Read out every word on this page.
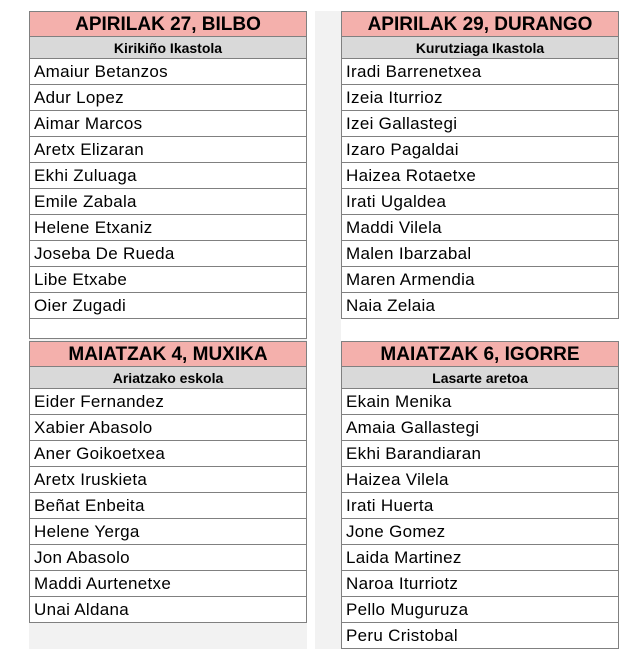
APIRILAK 27, BILBO
Kirikiño Ikastola
Amaiur Betanzos
Adur Lopez
Aimar Marcos
Aretx Elizaran
Ekhi Zuluaga
Emile Zabala
Helene Etxaniz
Joseba De Rueda
Libe Etxabe
Oier Zugadi
APIRILAK 29, DURANGO
Kurutziaga Ikastola
Iradi Barrenetxea
Izeia Iturrioz
Izei Gallastegi
Izaro Pagaldai
Haizea Rotaetxe
Irati Ugaldea
Maddi Vilela
Malen Ibarzabal
Maren Armendia
Naia Zelaia
MAIATZAK 4, MUXIKA
Ariatzako eskola
Eider Fernandez
Xabier Abasolo
Aner Goikoetxea
Aretx Iruskieta
Beñat Enbeita
Helene Yerga
Jon Abasolo
Maddi Aurtenetxe
Unai Aldana
MAIATZAK 6, IGORRE
Lasarte aretoa
Ekain Menika
Amaia Gallastegi
Ekhi Barandiaran
Haizea Vilela
Irati Huerta
Jone Gomez
Laida Martinez
Naroa Iturriotz
Pello Muguruza
Peru Cristobal
